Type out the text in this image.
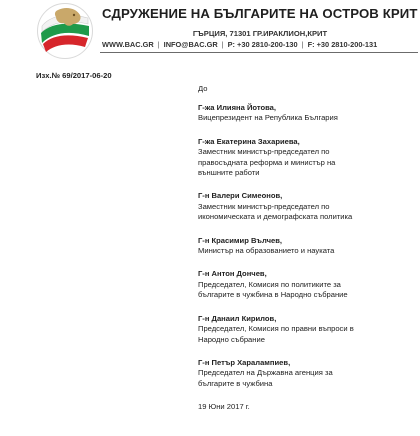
СДРУЖЕНИЕ НА БЪЛГАРИТЕ НА ОСТРОВ КРИТ
ГЪРЦИЯ, 71301 ГР.ИРАКЛИОН,КРИТ
WWW.BAC.GR | INFO@BAC.GR | P: +30 2810-200-130 | F: +30 2810-200-131
Изх.№ 69/2017-06-20
До
Г-жа Илияна Йотова,
Вицепрезидент на Република България
Г-жа Екатерина Захариева,
Заместник министър-председател по
правосъдната реформа и министър на
външните работи
Г-н Валери Симеонов,
Заместник министър-председател по
икономическата и демографската политика
Г-н Красимир Вълчев,
Министър на образованието и науката
Г-н Антон Дончев,
Председател, Комисия по политиките за
българите в чужбина в Народно събрание
Г-н Данаил Кирилов,
Председател, Комисия по правни въпроси в
Народно събрание
Г-н Петър Харалампиев,
Председател на Държавна агенция за
българите в чужбина
19 Юни 2017 г.
